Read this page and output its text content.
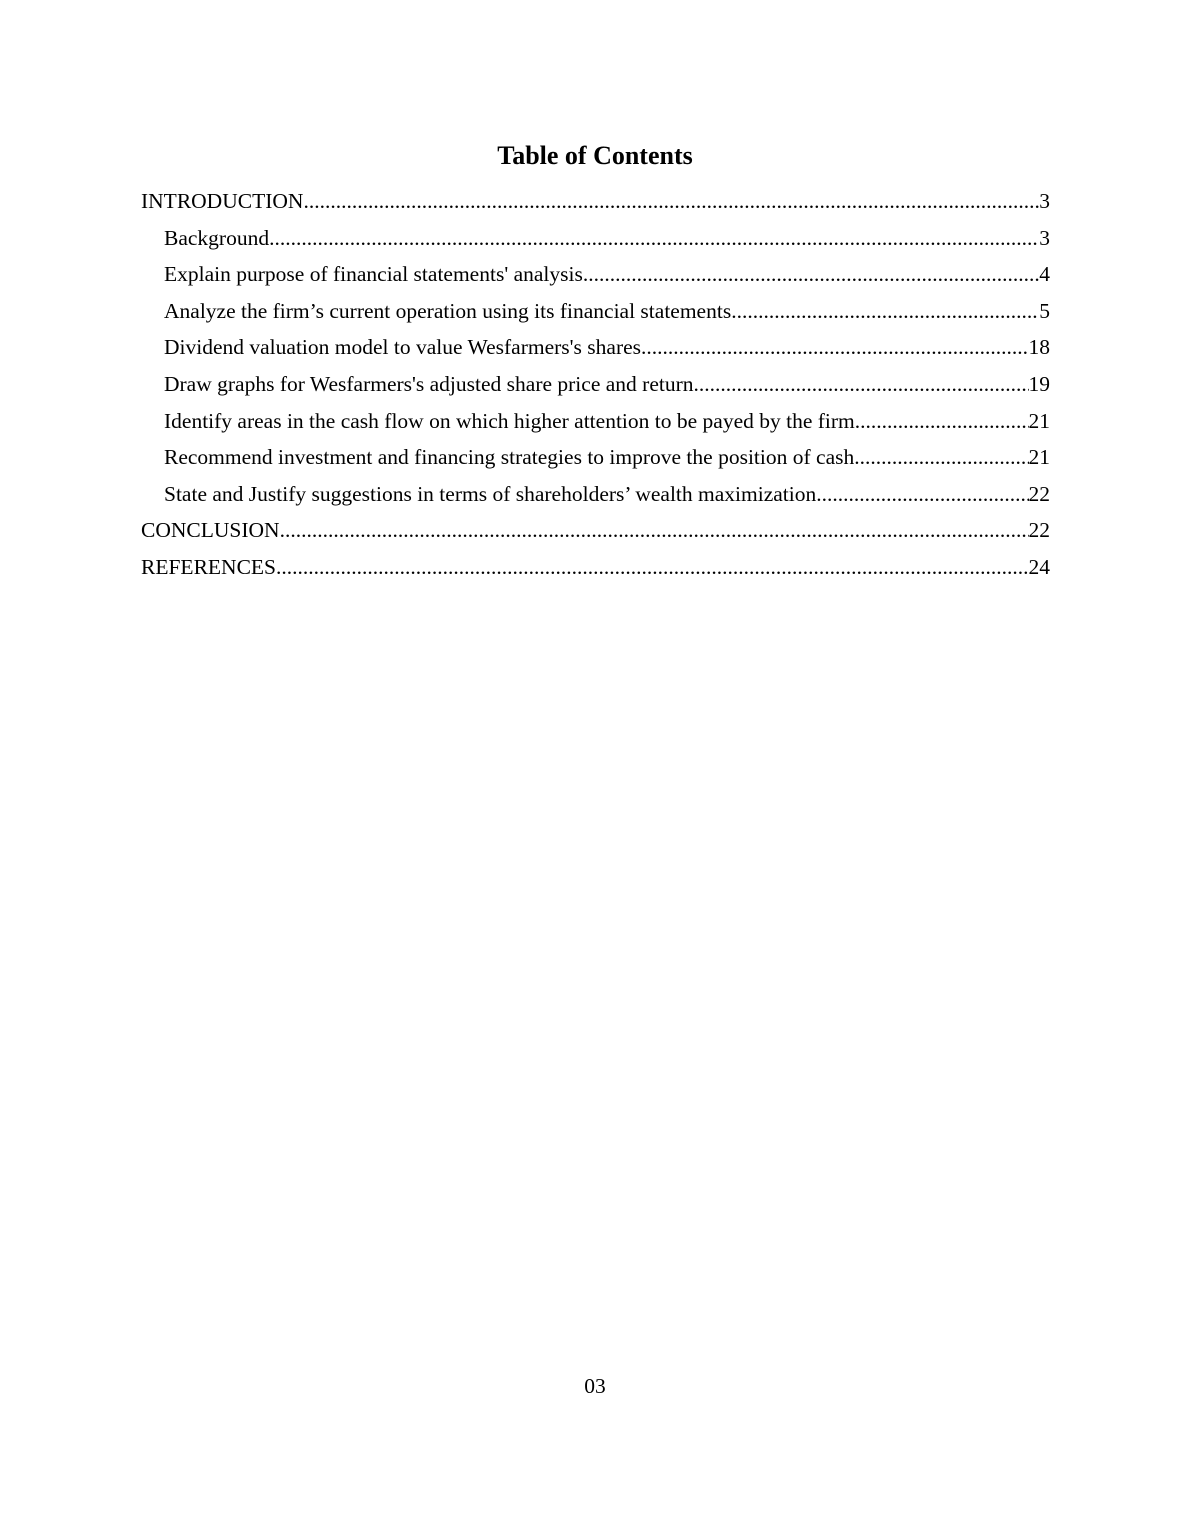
Table of Contents
INTRODUCTION .....	3
Background .....	3
Explain purpose of financial statements' analysis .....	4
Analyze the firm’s current operation using its financial statements .....	5
Dividend valuation model to value Wesfarmers's shares .....	18
Draw graphs for Wesfarmers's adjusted share price and return .....	19
Identify areas in the cash flow on which higher attention to be payed by the firm .....	21
Recommend investment and financing strategies to improve the position of cash .....	21
State and Justify suggestions in terms of shareholders’ wealth maximization .....	22
CONCLUSION .....	22
REFERENCES .....	24
03
